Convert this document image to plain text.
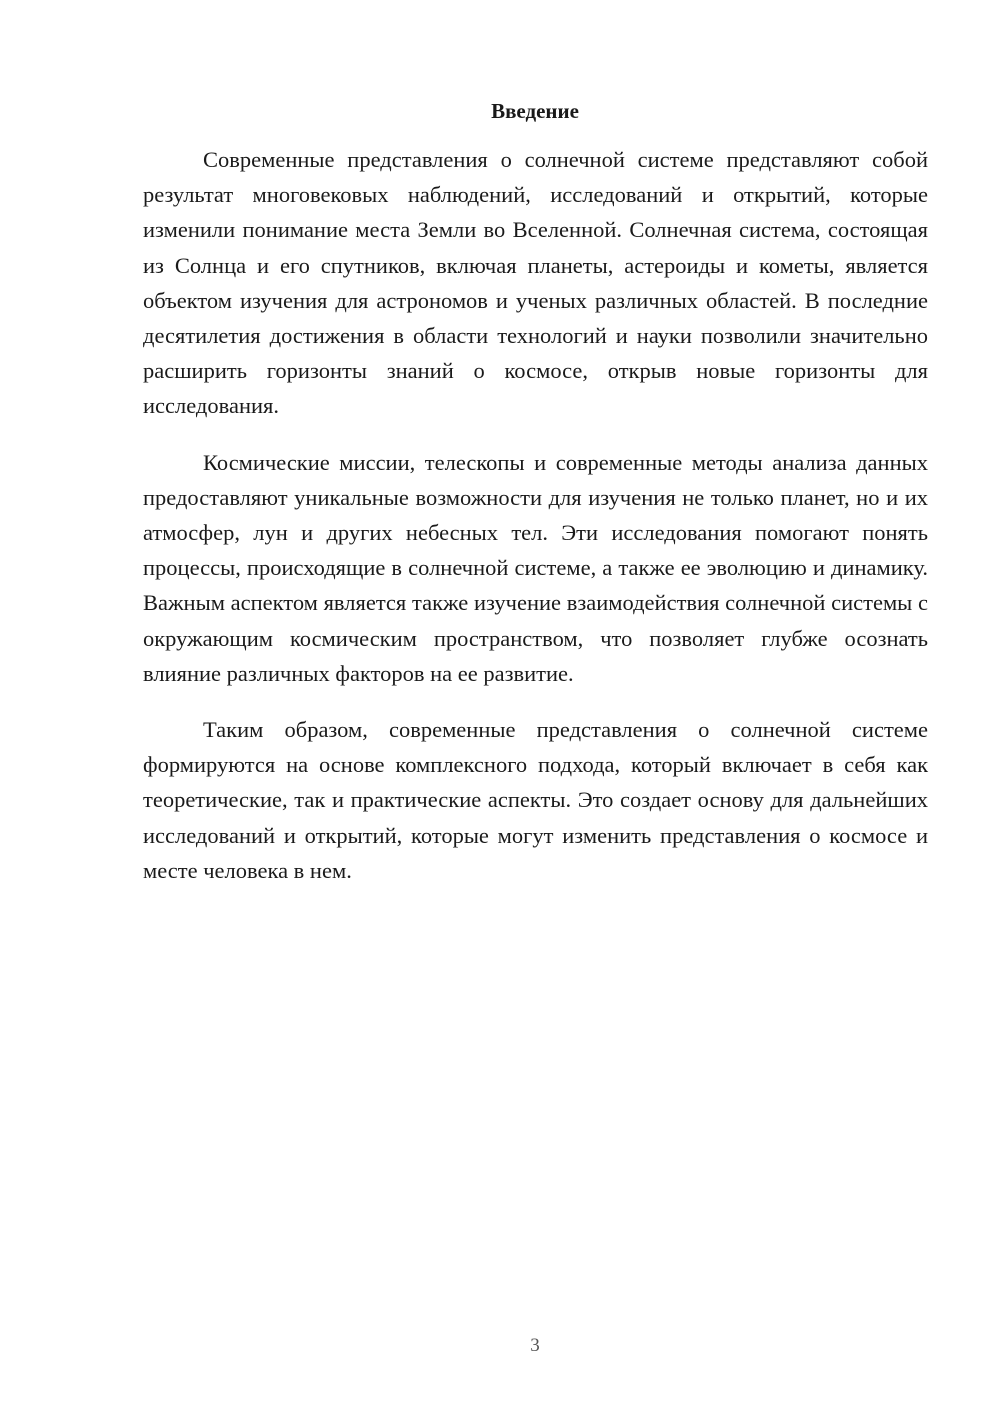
Введение

Современные представления о солнечной системе представляют собой результат многовековых наблюдений, исследований и открытий, которые изменили понимание места Земли во Вселенной. Солнечная система, состоящая из Солнца и его спутников, включая планеты, астероиды и кометы, является объектом изучения для астрономов и ученых различных областей. В последние десятилетия достижения в области технологий и науки позволили значительно расширить горизонты знаний о космосе, открыв новые горизонты для исследования.

Космические миссии, телескопы и современные методы анализа данных предоставляют уникальные возможности для изучения не только планет, но и их атмосфер, лун и других небесных тел. Эти исследования помогают понять процессы, происходящие в солнечной системе, а также ее эволюцию и динамику. Важным аспектом является также изучение взаимодействия солнечной системы с окружающим космическим пространством, что позволяет глубже осознать влияние различных факторов на ее развитие.

Таким образом, современные представления о солнечной системе формируются на основе комплексного подхода, который включает в себя как теоретические, так и практические аспекты. Это создает основу для дальнейших исследований и открытий, которые могут изменить представления о космосе и месте человека в нем.

3
